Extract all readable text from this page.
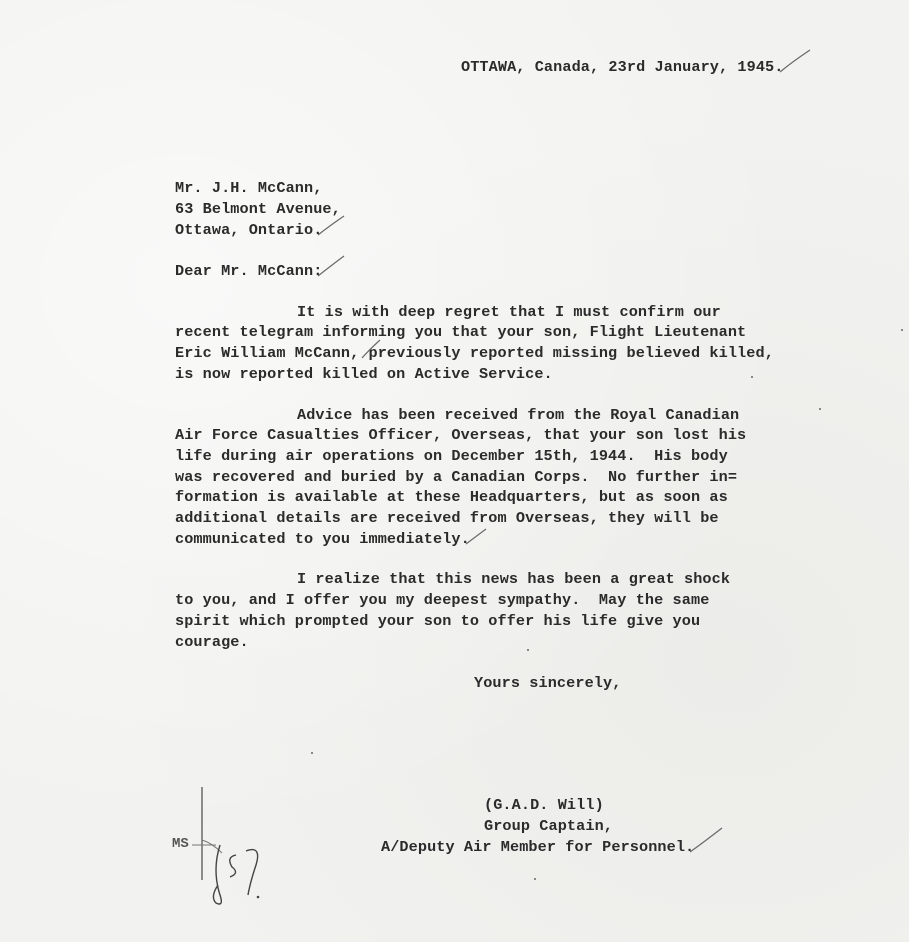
OTTAWA, Canada, 23rd January, 1945.
Mr. J.H. McCann,
63 Belmont Avenue,
Ottawa, Ontario.
Dear Mr. McCann:
It is with deep regret that I must confirm our
recent telegram informing you that your son, Flight Lieutenant
Eric William McCann, previously reported missing believed killed,
is now reported killed on Active Service.
Advice has been received from the Royal Canadian
Air Force Casualties Officer, Overseas, that your son lost his
life during air operations on December 15th, 1944.  His body
was recovered and buried by a Canadian Corps.  No further in=
formation is available at these Headquarters, but as soon as
additional details are received from Overseas, they will be
communicated to you immediately.
I realize that this news has been a great shock
to you, and I offer you my deepest sympathy.  May the same
spirit which prompted your son to offer his life give you
courage.
Yours sincerely,
(G.A.D. Will)
Group Captain,
A/Deputy Air Member for Personnel.
MS
